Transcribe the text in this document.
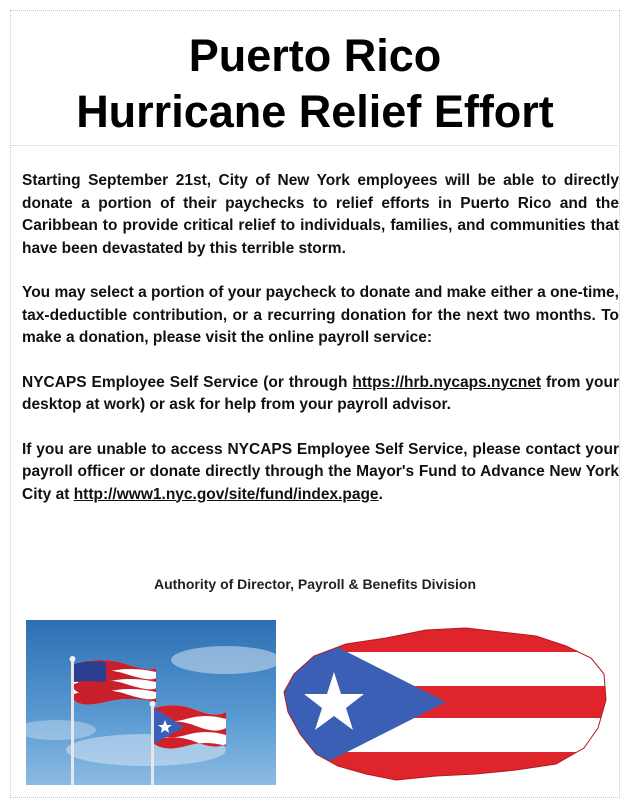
Puerto Rico
Hurricane Relief Effort

Starting September 21st, City of New York employees will be able to directly donate a portion of their paychecks to relief efforts in Puerto Rico and the Caribbean to provide critical relief to individuals, families, and communities that have been devastated by this terrible storm.

You may select a portion of your paycheck to donate and make either a one-time, tax-deductible contribution, or a recurring donation for the next two months. To make a donation, please visit the online payroll service:

NYCAPS Employee Self Service (or through https://hrb.nycaps.nycnet from your desktop at work) or ask for help from your payroll advisor.

If you are unable to access NYCAPS Employee Self Service, please contact your payroll officer or donate directly through the Mayor's Fund to Advance New York City at http://www1.nyc.gov/site/fund/index.page.

Authority of Director, Payroll & Benefits Division
